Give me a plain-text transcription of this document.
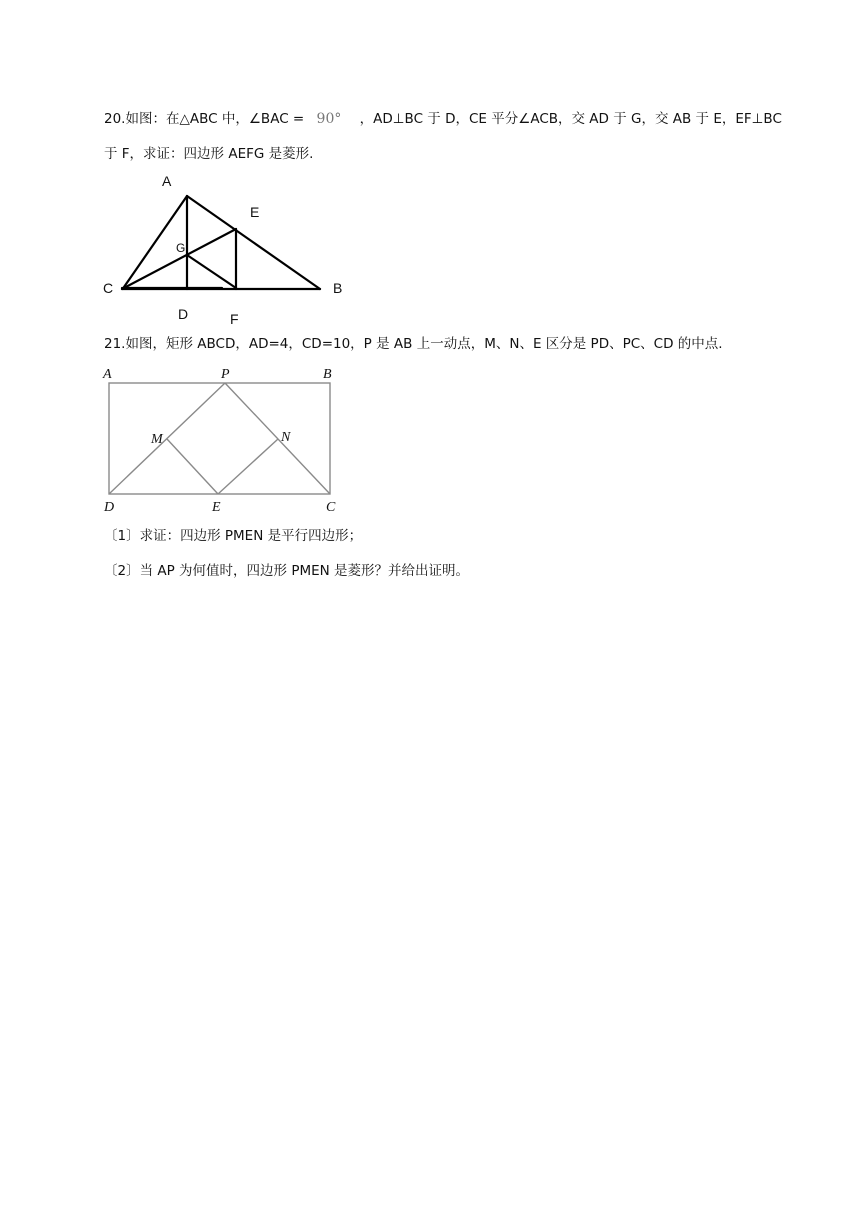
20.如图：在△ABC 中，∠BAC = 90° ，AD⊥BC 于 D，CE 平分∠ACB，交 AD 于 G，交 AB 于 E，EF⊥BC
于 F，求证：四边形 AEFG 是菱形.
A
E
G
C	B
D	F
21.如图，矩形 ABCD，AD=4，CD=10，P 是 AB 上一动点，M、N、E 区分是 PD、PC、CD 的中点.
A	P	B
M	N
D	E	C
〔1〕求证：四边形 PMEN 是平行四边形；
〔2〕当 AP 为何值时，四边形 PMEN 是菱形？并给出证明。
